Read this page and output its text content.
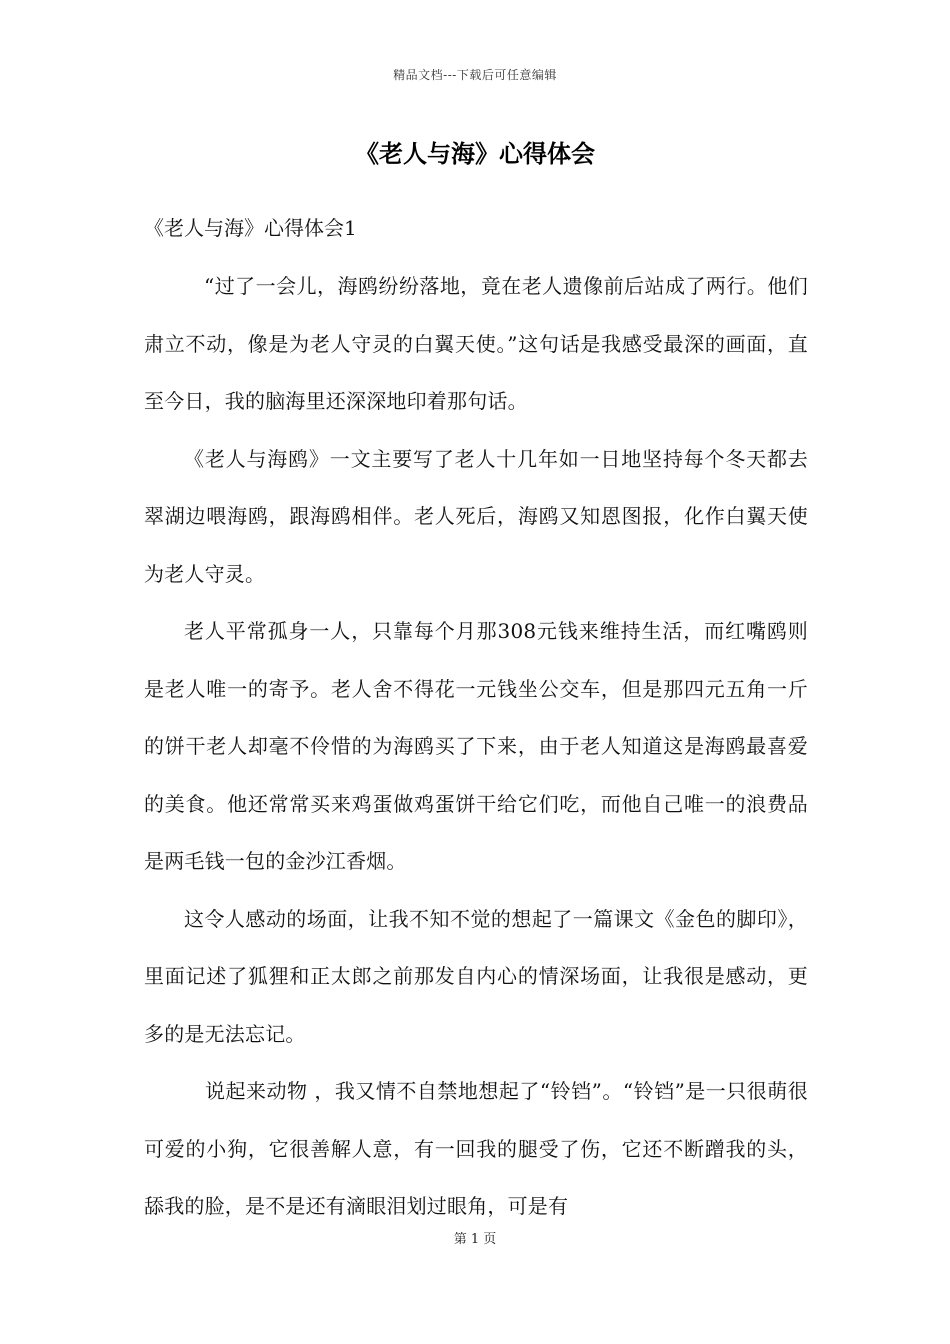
精品文档---下载后可任意编辑
《老人与海》心得体会
《老人与海》心得体会1

“过了一会儿，海鸥纷纷落地，竟在老人遗像前后站成了两行。他们肃立不动，像是为老人守灵的白翼天使。”这句话是我感受最深的画面，直至今日，我的脑海里还深深地印着那句话。

《老人与海鸥》一文主要写了老人十几年如一日地坚持每个冬天都去翠湖边喂海鸥，跟海鸥相伴。老人死后，海鸥又知恩图报，化作白翼天使为老人守灵。

老人平常孤身一人，只靠每个月那308元钱来维持生活，而红嘴鸥则是老人唯一的寄予。老人舍不得花一元钱坐公交车，但是那四元五角一斤的饼干老人却毫不伶惜的为海鸥买了下来，由于老人知道这是海鸥最喜爱的美食。他还常常买来鸡蛋做鸡蛋饼干给它们吃，而他自己唯一的浪费品是两毛钱一包的金沙江香烟。

这令人感动的场面，让我不知不觉的想起了一篇课文《金色的脚印》，里面记述了狐狸和正太郎之前那发自内心的情深场面，让我很是感动，更多的是无法忘记。

说起来动物 ，我又情不自禁地想起了“铃铛”。“铃铛”是一只很萌很可爱的小狗，它很善解人意，有一回我的腿受了伤，它还不断蹭我的头，舔我的脸，是不是还有滴眼泪划过眼角，可是有

第 1 页
